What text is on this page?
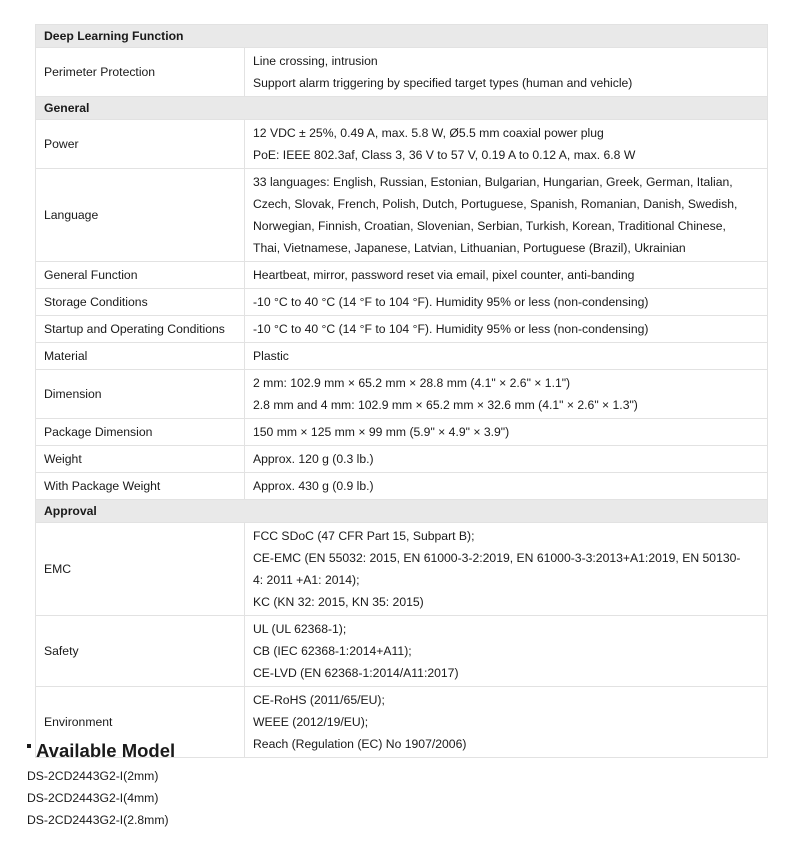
Deep Learning Function	
Perimeter Protection	Line crossing, intrusion
Support alarm triggering by specified target types (human and vehicle)

General	
Power	12 VDC ± 25%, 0.49 A, max. 5.8 W, Ø5.5 mm coaxial power plug
PoE: IEEE 802.3af, Class 3, 36 V to 57 V, 0.19 A to 0.12 A, max. 6.8 W

Language	33 languages: English, Russian, Estonian, Bulgarian, Hungarian, Greek, German, Italian,
Czech, Slovak, French, Polish, Dutch, Portuguese, Spanish, Romanian, Danish, Swedish,
Norwegian, Finnish, Croatian, Slovenian, Serbian, Turkish, Korean, Traditional Chinese,
Thai, Vietnamese, Japanese, Latvian, Lithuanian, Portuguese (Brazil), Ukrainian

General Function	Heartbeat, mirror, password reset via email, pixel counter, anti-banding

Storage Conditions	-10 °C to 40 °C (14 °F to 104 °F). Humidity 95% or less (non-condensing)

Startup and Operating Conditions	-10 °C to 40 °C (14 °F to 104 °F). Humidity 95% or less (non-condensing)

Material	Plastic

Dimension	2 mm: 102.9 mm × 65.2 mm × 28.8 mm (4.1" × 2.6" × 1.1")
2.8 mm and 4 mm: 102.9 mm × 65.2 mm × 32.6 mm (4.1" × 2.6" × 1.3")

Package Dimension	150 mm × 125 mm × 99 mm (5.9" × 4.9" × 3.9")

Weight	Approx. 120 g (0.3 lb.)

With Package Weight	Approx. 430 g (0.9 lb.)

Approval	
EMC	FCC SDoC (47 CFR Part 15, Subpart B);
CE-EMC (EN 55032: 2015, EN 61000-3-2:2019, EN 61000-3-3:2013+A1:2019, EN 50130-
4: 2011 +A1: 2014);
KC (KN 32: 2015, KN 35: 2015)

Safety	UL (UL 62368-1);
CB (IEC 62368-1:2014+A11);
CE-LVD (EN 62368-1:2014/A11:2017)

Environment	CE-RoHS (2011/65/EU);
WEEE (2012/19/EU);
Reach (Regulation (EC) No 1907/2006)
Available Model
DS-2CD2443G2-I(2mm)
DS-2CD2443G2-I(4mm)
DS-2CD2443G2-I(2.8mm)
